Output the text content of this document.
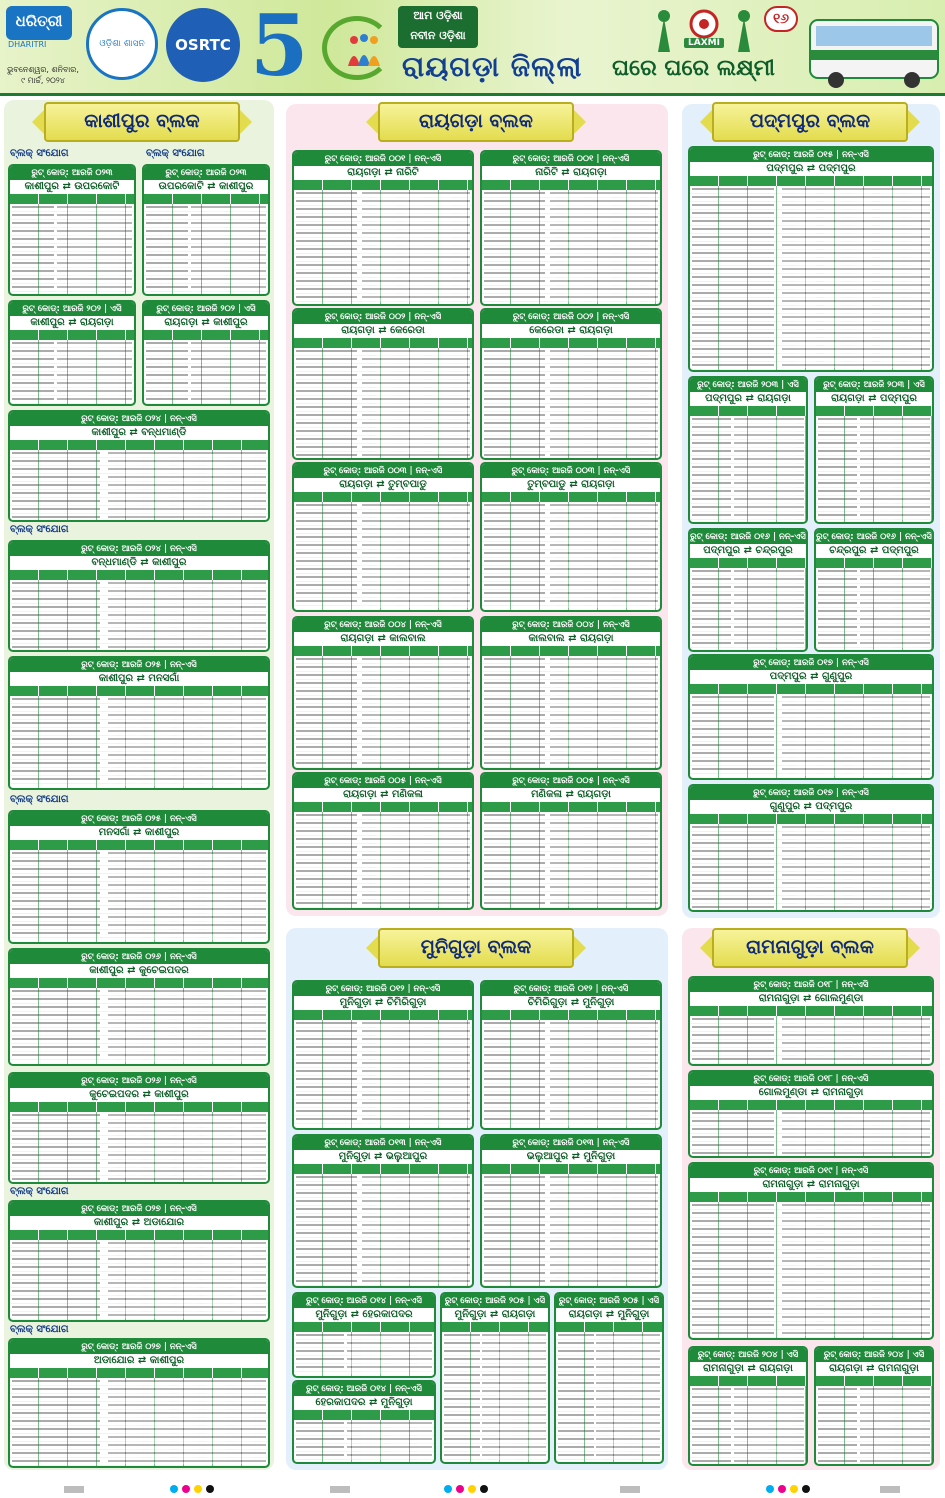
ଧରିତ୍ରୀ
DHARITRI
ଭୁବନେଶ୍ୱର, ଶନିବାର, ୯ ମାର୍ଚ୍ଚ, ୨୦୨୪
ଓଡ଼ିଶା ଶାସନ	OSRTC 5	ଆମ ଓଡ଼ିଶା
ନବୀନ ଓଡ଼ିଶା
ରାୟଗଡ଼ା ଜିଲ୍ଲା ଘରେ ଘରେ ଲକ୍ଷ୍ମୀ
LAXMI
୧୬
କାଶୀପୁର ବ୍ଲକ	ରାୟଗଡ଼ା ବ୍ଲକ	ପଦ୍ମପୁର ବ୍ଲକ
ମୁନିଗୁଡ଼ା ବ୍ଲକ	ରାମନାଗୁଡ଼ା ବ୍ଲକ
ବ୍ଲକ୍ ସଂଯୋଗ	ବ୍ଲକ୍ ସଂଯୋଗ
ବ୍ଲକ୍ ସଂଯୋଗ
ବ୍ଲକ୍ ସଂଯୋଗ
ବ୍ଲକ୍ ସଂଯୋଗ
ବ୍ଲକ୍ ସଂଯୋଗ
ରୁଟ୍ କୋଡ୍: ଆରଜି ୦୨୩
କାଶୀପୁର ⇄ ଉପରକୋଟି
ରୁଟ୍ କୋଡ୍: ଆରଜି ୦୨୩
ଉପରକୋଟି ⇄ କାଶୀପୁର
ରୁଟ୍ କୋଡ୍: ଆରଜି ୨୦୨ | ଏସି
କାଶୀପୁର ⇄ ରାୟଗଡ଼ା
ରୁଟ୍ କୋଡ୍: ଆରଜି ୨୦୨ | ଏସି
ରାୟଗଡ଼ା ⇄ କାଶୀପୁର
ରୁଟ୍ କୋଡ୍: ଆରଜି ୦୨୪ | ନନ୍-ଏସି
କାଶୀପୁର ⇄ ବନ୍ଧମାଣ୍ଡି
ରୁଟ୍ କୋଡ୍: ଆରଜି ୦୨୪ | ନନ୍-ଏସି
ବନ୍ଧମାଣ୍ଡି ⇄ କାଶୀପୁର
ରୁଟ୍ କୋଡ୍: ଆରଜି ୦୨୫ | ନନ୍-ଏସି
କାଶୀପୁର ⇄ ମନସଗାଁ
ରୁଟ୍ କୋଡ୍: ଆରଜି ୦୨୫ | ନନ୍-ଏସି
ମନସଗାଁ ⇄ କାଶୀପୁର
ରୁଟ୍ କୋଡ୍: ଆରଜି ୦୨୬ | ନନ୍-ଏସି
କାଶୀପୁର ⇄ କୁଚେଇପଦର
ରୁଟ୍ କୋଡ୍: ଆରଜି ୦୨୬ | ନନ୍-ଏସି
କୁଚେଇପଦର ⇄ କାଶୀପୁର
ରୁଟ୍ କୋଡ୍: ଆରଜି ୦୨୭ | ନନ୍-ଏସି
କାଶୀପୁର ⇄ ଅଡାଯୋର
ରୁଟ୍ କୋଡ୍: ଆରଜି ୦୨୭ | ନନ୍-ଏସି
ଅଡାଯୋର ⇄ କାଶୀପୁର
ରୁଟ୍ କୋଡ୍: ଆରଜି ୦୦୧ | ନନ୍-ଏସି
ରାୟଗଡ଼ା ⇄ ନାରିଟି
ରୁଟ୍ କୋଡ୍: ଆରଜି ୦୦୧ | ନନ୍-ଏସି
ନାରିଟି ⇄ ରାୟଗଡ଼ା
ରୁଟ୍ କୋଡ୍: ଆରଜି ୦୦୨ | ନନ୍-ଏସି
ରାୟଗଡ଼ା ⇄ କେରେଡା
ରୁଟ୍ କୋଡ୍: ଆରଜି ୦୦୨ | ନନ୍-ଏସି
କେରେଡା ⇄ ରାୟଗଡ଼ା
ରୁଟ୍ କୋଡ୍: ଆରଜି ୦୦୩ | ନନ୍-ଏସି
ରାୟଗଡ଼ା ⇄ ତୁମ୍ବପାଡୁ
ରୁଟ୍ କୋଡ୍: ଆରଜି ୦୦୩ | ନନ୍-ଏସି
ତୁମ୍ବପାଡୁ ⇄ ରାୟଗଡ଼ା
ରୁଟ୍ କୋଡ୍: ଆରଜି ୦୦୪ | ନନ୍-ଏସି
ରାୟଗଡ଼ା ⇄ କାଲବାଲ
ରୁଟ୍ କୋଡ୍: ଆରଜି ୦୦୪ | ନନ୍-ଏସି
କାଲବାଲ ⇄ ରାୟଗଡ଼ା
ରୁଟ୍ କୋଡ୍: ଆରଜି ୦୦୫ | ନନ୍-ଏସି
ରାୟଗଡ଼ା ⇄ ମଣିକଳା
ରୁଟ୍ କୋଡ୍: ଆରଜି ୦୦୫ | ନନ୍-ଏସି
ମଣିକଳା ⇄ ରାୟଗଡ଼ା
ରୁଟ୍ କୋଡ୍: ଆରଜି ୦୧୫ | ନନ୍-ଏସି
ପଦ୍ମପୁର ⇄ ପଦ୍ମପୁର
ରୁଟ୍ କୋଡ୍: ଆରଜି ୨୦୩ | ଏସି
ପଦ୍ମପୁର ⇄ ରାୟଗଡ଼ା
ରୁଟ୍ କୋଡ୍: ଆରଜି ୨୦୩ | ଏସି
ରାୟଗଡ଼ା ⇄ ପଦ୍ମପୁର
ରୁଟ୍ କୋଡ୍: ଆରଜି ୦୧୬ | ନନ୍-ଏସି
ପଦ୍ମପୁର ⇄ ଚନ୍ଦ୍ରପୁର
ରୁଟ୍ କୋଡ୍: ଆରଜି ୦୧୬ | ନନ୍-ଏସି
ଚନ୍ଦ୍ରପୁର ⇄ ପଦ୍ମପୁର
ରୁଟ୍ କୋଡ୍: ଆରଜି ୦୧୭ | ନନ୍-ଏସି
ପଦ୍ମପୁର ⇄ ଗୁଣୁପୁର
ରୁଟ୍ କୋଡ୍: ଆରଜି ୦୧୭ | ନନ୍-ଏସି
ଗୁଣୁପୁର ⇄ ପଦ୍ମପୁର
ରୁଟ୍ କୋଡ୍: ଆରଜି ୦୧୨ | ନନ୍-ଏସି
ମୁନିଗୁଡ଼ା ⇄ ଚିମିରିଗୁଡ଼ା
ରୁଟ୍ କୋଡ୍: ଆରଜି ୦୧୨ | ନନ୍-ଏସି
ଚିମିରିଗୁଡ଼ା ⇄ ମୁନିଗୁଡ଼ା
ରୁଟ୍ କୋଡ୍: ଆରଜି ୦୧୩ | ନନ୍-ଏସି
ମୁନିଗୁଡ଼ା ⇄ ଭଲୁଆପୁର
ରୁଟ୍ କୋଡ୍: ଆରଜି ୦୧୩ | ନନ୍-ଏସି
ଭଲୁଆପୁର ⇄ ମୁନିଗୁଡ଼ା
ରୁଟ୍ କୋଡ୍: ଆରଜି ୦୧୪ | ନନ୍-ଏସି
ମୁନିଗୁଡ଼ା ⇄ ହେରକାପଦର
ରୁଟ୍ କୋଡ୍: ଆରଜି ୦୧୪ | ନନ୍-ଏସି
ହେରକାପଦର ⇄ ମୁନିଗୁଡ଼ା
ରୁଟ୍ କୋଡ୍: ଆରଜି ୨୦୫ | ଏସି
ମୁନିଗୁଡ଼ା ⇄ ରାୟଗଡ଼ା
ରୁଟ୍ କୋଡ୍: ଆରଜି ୨୦୫ | ଏସି
ରାୟଗଡ଼ା ⇄ ମୁନିଗୁଡ଼ା
ରୁଟ୍ କୋଡ୍: ଆରଜି ୦୧୮ | ନନ୍-ଏସି
ରାମନାଗୁଡ଼ା ⇄ ଗୋଲମୁଣ୍ଡା
ରୁଟ୍ କୋଡ୍: ଆରଜି ୦୧୮ | ନନ୍-ଏସି
ଗୋଲମୁଣ୍ଡା ⇄ ରାମନାଗୁଡ଼ା
ରୁଟ୍ କୋଡ୍: ଆରଜି ୦୧୯ | ନନ୍-ଏସି
ରାମନାଗୁଡ଼ା ⇄ ରାମନାଗୁଡ଼ା
ରୁଟ୍ କୋଡ୍: ଆରଜି ୨୦୪ | ଏସି
ରାମନାଗୁଡ଼ା ⇄ ରାୟଗଡ଼ା
ରୁଟ୍ କୋଡ୍: ଆରଜି ୨୦୪ | ଏସି
ରାୟଗଡ଼ା ⇄ ରାମନାଗୁଡ଼ା
